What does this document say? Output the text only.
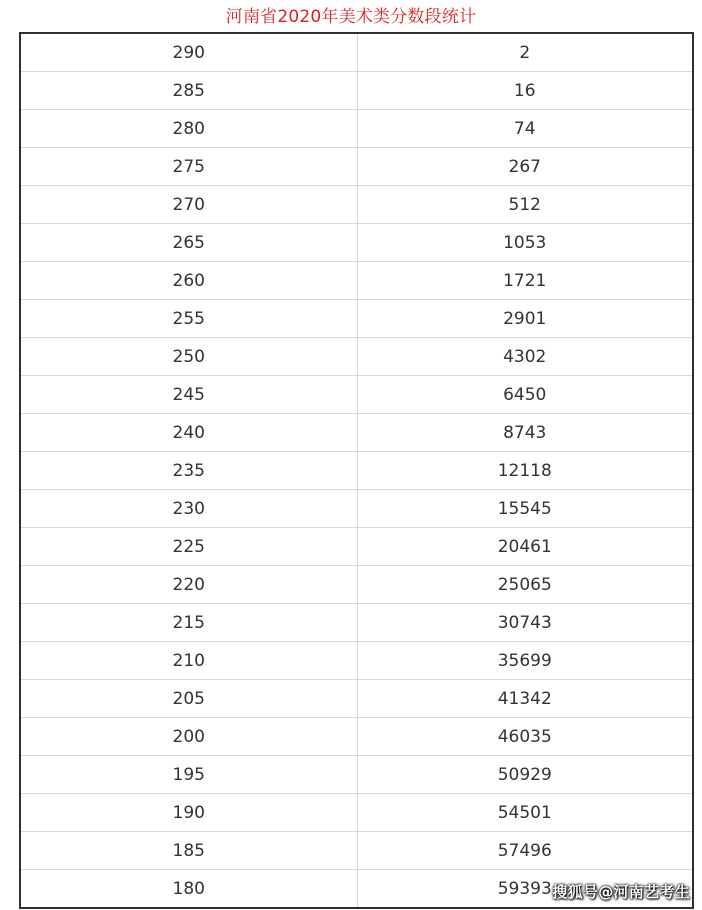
河南省2020年美术类分数段统计
290	2
285	16
280	74
275	267
270	512
265	1053
260	1721
255	2901
250	4302
245	6450
240	8743
235	12118
230	15545
225	20461
220	25065
215	30743
210	35699
205	41342
200	46035
195	50929
190	54501
185	57496
180	59393 搜狐号@河南艺考生
